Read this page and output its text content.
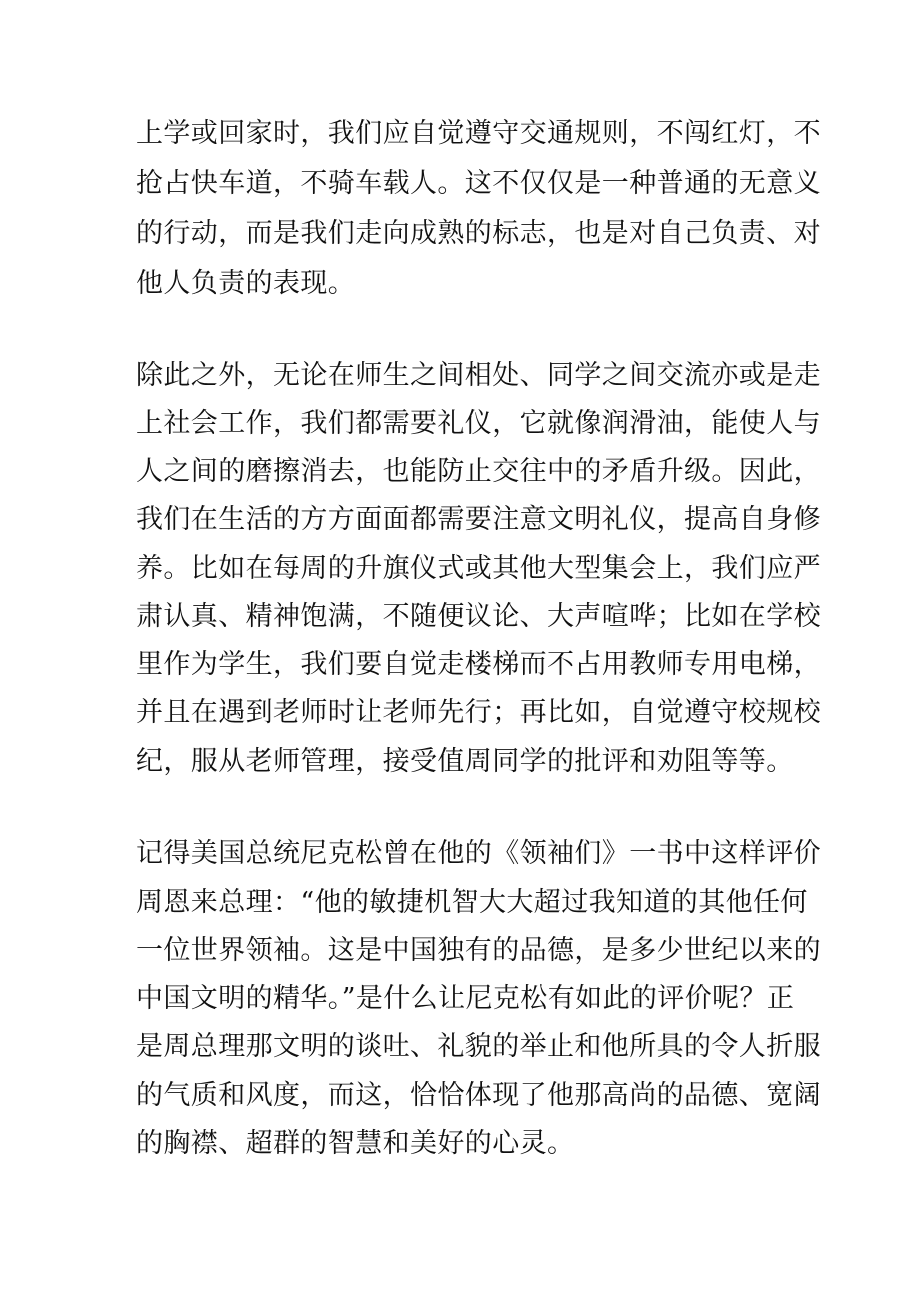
上学或回家时，我们应自觉遵守交通规则，不闯红灯，不
抢占快车道，不骑车载人。这不仅仅是一种普通的无意义
的行动，而是我们走向成熟的标志，也是对自己负责、对
他人负责的表现。
除此之外，无论在师生之间相处、同学之间交流亦或是走
上社会工作，我们都需要礼仪，它就像润滑油，能使人与
人之间的磨擦消去，也能防止交往中的矛盾升级。因此，
我们在生活的方方面面都需要注意文明礼仪，提高自身修
养。比如在每周的升旗仪式或其他大型集会上，我们应严
肃认真、精神饱满，不随便议论、大声喧哗；比如在学校
里作为学生，我们要自觉走楼梯而不占用教师专用电梯，
并且在遇到老师时让老师先行；再比如，自觉遵守校规校
纪，服从老师管理，接受值周同学的批评和劝阻等等。
记得美国总统尼克松曾在他的《领袖们》一书中这样评价
周恩来总理：“他的敏捷机智大大超过我知道的其他任何
一位世界领袖。这是中国独有的品德，是多少世纪以来的
中国文明的精华。”是什么让尼克松有如此的评价呢？正
是周总理那文明的谈吐、礼貌的举止和他所具的令人折服
的气质和风度，而这，恰恰体现了他那高尚的品德、宽阔
的胸襟、超群的智慧和美好的心灵。
